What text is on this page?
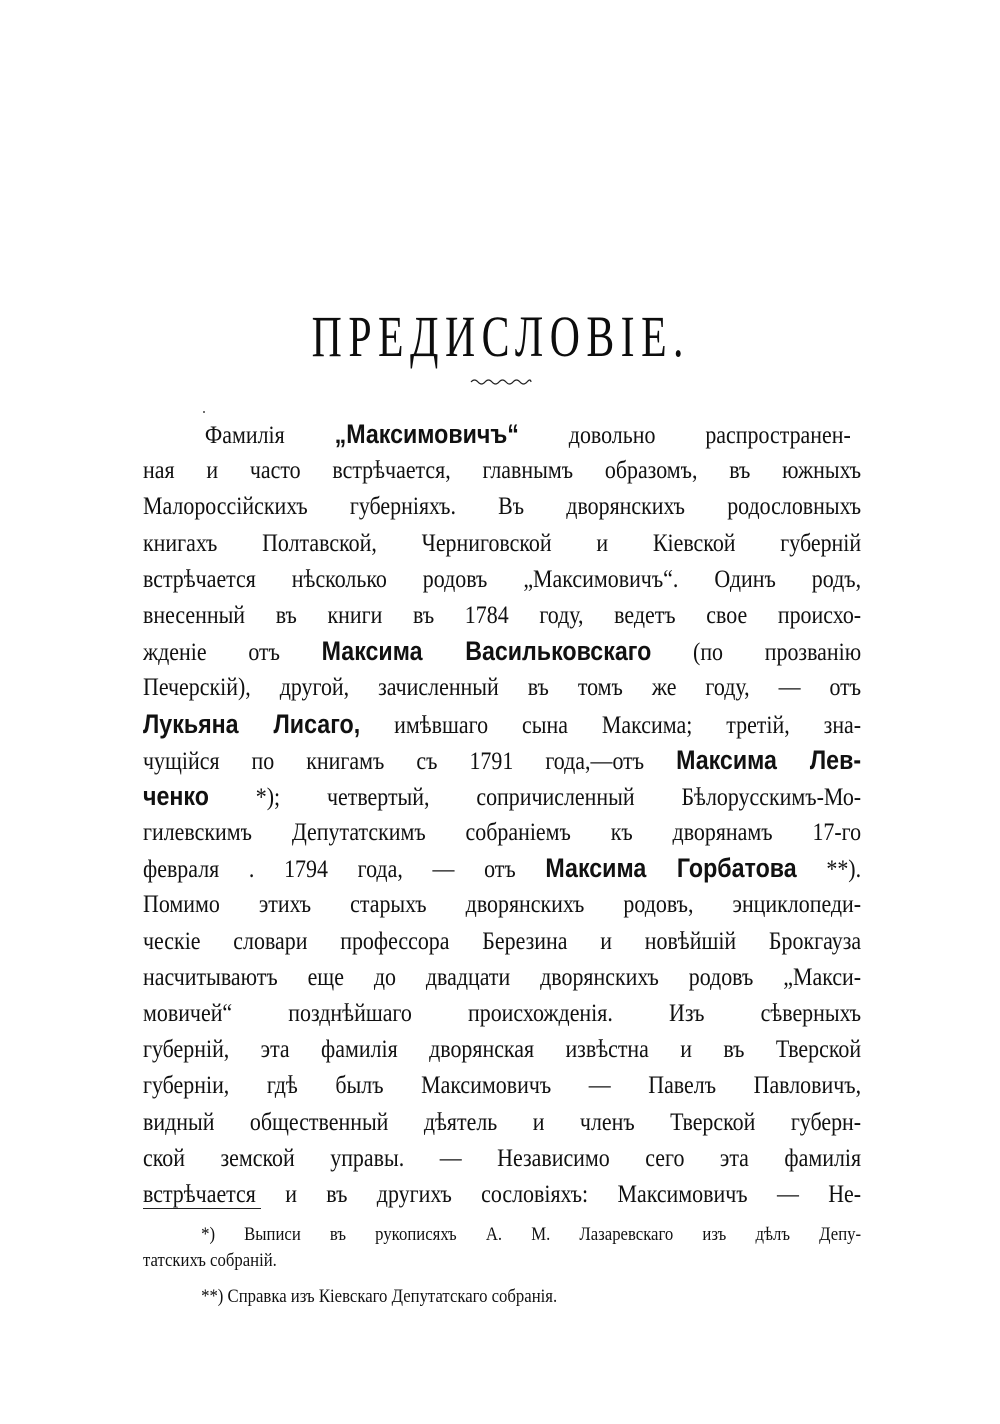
ПРЕДИСЛОВІЕ.
Фамилія „Максимовичъ“ довольно распространен-
ная и часто встрѣчается, главнымъ образомъ, въ южныхъ
Малороссійскихъ губерніяхъ. Въ дворянскихъ родословныхъ
книгахъ Полтавской, Черниговской и Кіевской губерній
встрѣчается нѣсколько родовъ „Максимовичъ“. Одинъ родъ,
внесенный въ книги въ 1784 году, ведетъ свое происхо-
жденіе отъ Максима Васильковскаго (по прозванію
Печерскій), другой, зачисленный въ томъ же году, — отъ
Лукьяна Лисаго, имѣвшаго сына Максима; третій, зна-
чущійся по книгамъ съ 1791 года,—отъ Максима Лев-
ченко *); четвертый, сопричисленный Бѣлорусскимъ-Мо-
гилевскимъ Депутатскимъ собраніемъ къ дворянамъ 17-го
февраля . 1794 года, — отъ Максима Горбатова **).
Помимо этихъ старыхъ дворянскихъ родовъ, энциклопеди-
ческіе словари профессора Березина и новѣйшій Брокгауза
насчитываютъ еще до двадцати дворянскихъ родовъ „Макси-
мовичей“ позднѣйшаго происхожденія. Изъ сѣверныхъ
губерній, эта фамилія дворянская извѣстна и въ Тверской
губерніи, гдѣ былъ Максимовичъ — Павелъ Павловичъ,
видный общественный дѣятель и членъ Тверской губерн-
ской земской управы. — Независимо сего эта фамилія
встрѣчается и въ другихъ сословіяхъ: Максимовичъ — Не-
*) Выписи въ рукописяхъ А. М. Лазаревскаго изъ дѣлъ Депу-
татскихъ собраній.
**) Справка изъ Кіевскаго Депутатскаго собранія.
